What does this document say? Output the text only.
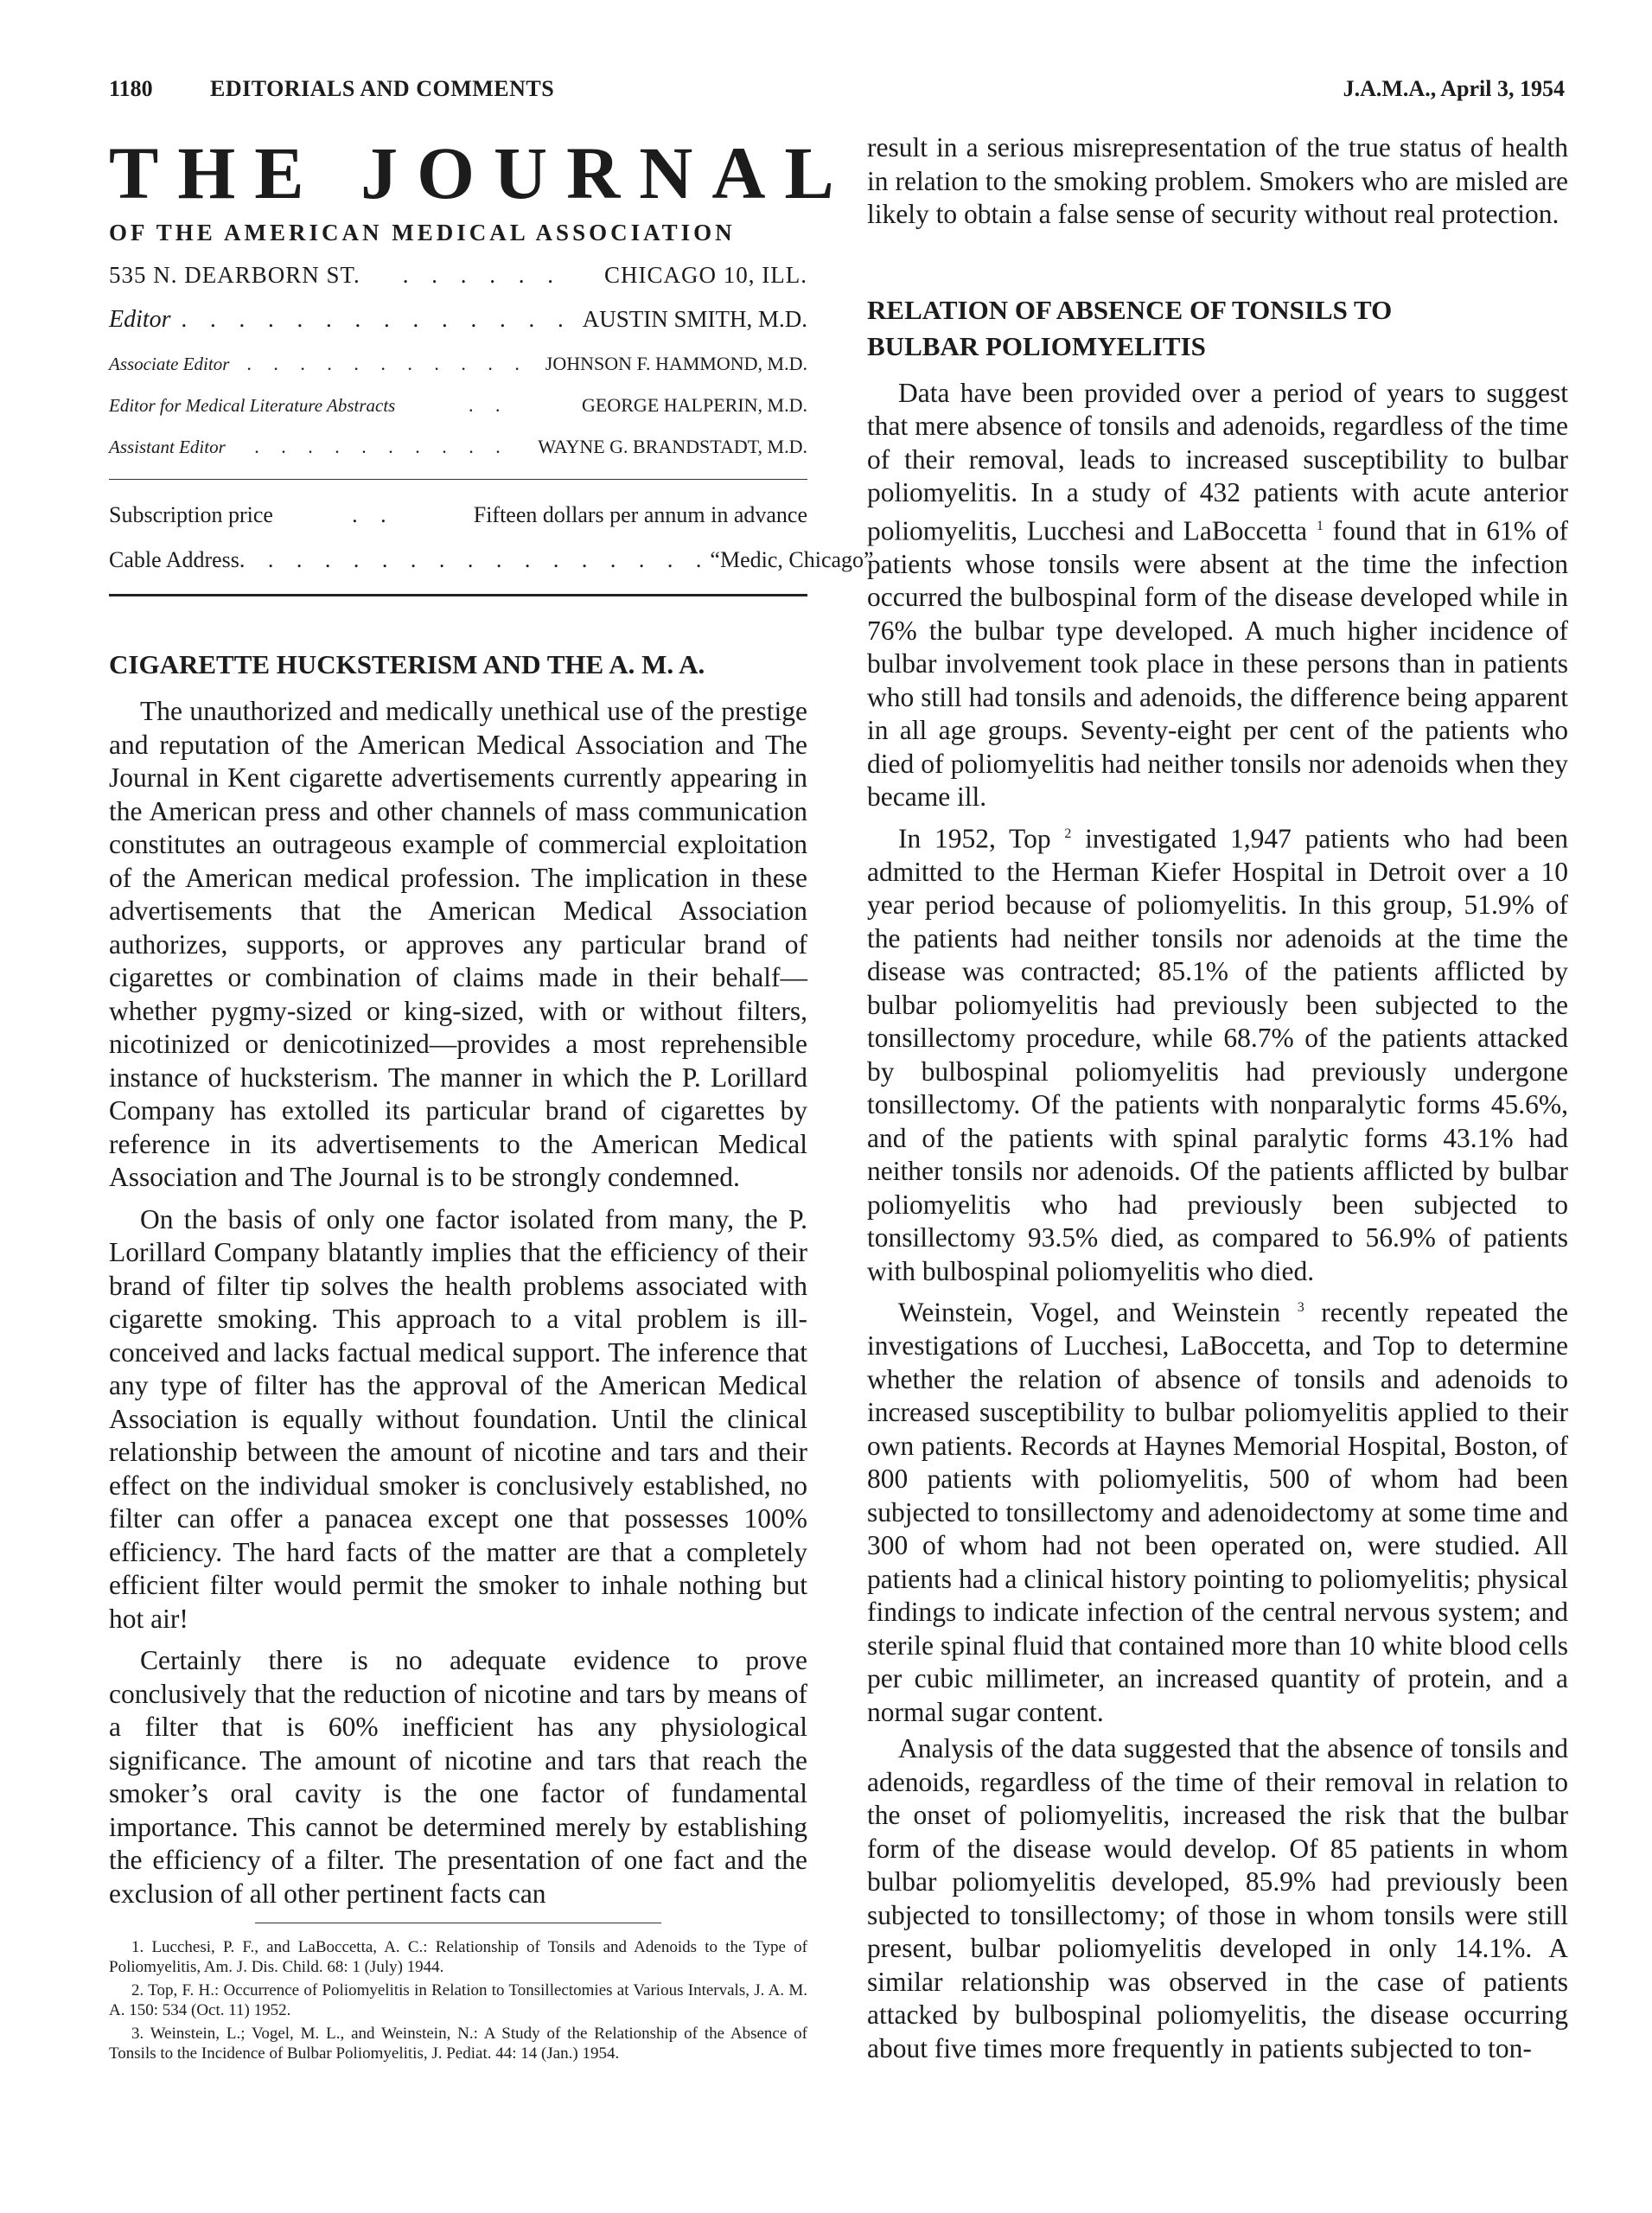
1180	EDITORIALS AND COMMENTS	J.A.M.A., April 3, 1954
THE JOURNAL
OF THE AMERICAN MEDICAL ASSOCIATION
535 N. DEARBORN ST.	. . . . . .	CHICAGO 10, ILL.
Editor . . . . . . . . . . . . . . AUSTIN SMITH, M.D.
Associate Editor . . . . . . . . . . . JOHNSON F. HAMMOND, M.D.
Editor for Medical Literature Abstracts	. .	GEORGE HALPERIN, M.D.
Assistant Editor	. . . . . . . . . .	WAYNE G. BRANDSTADT, M.D.
Subscription price	. .	Fifteen dollars per annum in advance
Cable Address . . . . . . . . . . . . . . . . . “Medic, Chicago”
CIGARETTE HUCKSTERISM AND THE A. M. A.

The unauthorized and medically unethical use of the prestige and reputation of the American Medical Association and The Journal in Kent cigarette advertisements currently appearing in the American press and other channels of mass communication constitutes an outrageous example of commercial exploitation of the American medical profession. The implication in these advertisements that the American Medical Association authorizes, supports, or approves any particular brand of cigarettes or combination of claims made in their behalf—whether pygmy-sized or king-sized, with or without filters, nicotinized or denicotinized—provides a most reprehensible instance of hucksterism. The manner in which the P. Lorillard Company has extolled its particular brand of cigarettes by reference in its advertisements to the American Medical Association and The Journal is to be strongly condemned.

On the basis of only one factor isolated from many, the P. Lorillard Company blatantly implies that the efficiency of their brand of filter tip solves the health problems associated with cigarette smoking. This approach to a vital problem is ill-conceived and lacks factual medical support. The inference that any type of filter has the approval of the American Medical Association is equally without foundation. Until the clinical relationship between the amount of nicotine and tars and their effect on the individual smoker is conclusively established, no filter can offer a panacea except one that possesses 100% efficiency. The hard facts of the matter are that a completely efficient filter would permit the smoker to inhale nothing but hot air!

Certainly there is no adequate evidence to prove conclusively that the reduction of nicotine and tars by means of a filter that is 60% inefficient has any physiological significance. The amount of nicotine and tars that reach the smoker’s oral cavity is the one factor of fundamental importance. This cannot be determined merely by establishing the efficiency of a filter. The presentation of one fact and the exclusion of all other pertinent facts can

1. Lucchesi, P. F., and LaBoccetta, A. C.: Relationship of Tonsils and Adenoids to the Type of Poliomyelitis, Am. J. Dis. Child. 68: 1 (July) 1944.

2. Top, F. H.: Occurrence of Poliomyelitis in Relation to Tonsillectomies at Various Intervals, J. A. M. A. 150: 534 (Oct. 11) 1952.

3. Weinstein, L.; Vogel, M. L., and Weinstein, N.: A Study of the Relationship of the Absence of Tonsils to the Incidence of Bulbar Poliomyelitis, J. Pediat. 44: 14 (Jan.) 1954.

result in a serious misrepresentation of the true status of health in relation to the smoking problem. Smokers who are misled are likely to obtain a false sense of security without real protection.

RELATION OF ABSENCE OF TONSILS TO
BULBAR POLIOMYELITIS

Data have been provided over a period of years to suggest that mere absence of tonsils and adenoids, regardless of the time of their removal, leads to increased susceptibility to bulbar poliomyelitis. In a study of 432 patients with acute anterior poliomyelitis, Lucchesi and LaBoccetta $^1$ found that in 61% of patients whose tonsils were absent at the time the infection occurred the bulbospinal form of the disease developed while in 76% the bulbar type developed. A much higher incidence of bulbar involvement took place in these persons than in patients who still had tonsils and adenoids, the difference being apparent in all age groups. Seventy-eight per cent of the patients who died of poliomyelitis had neither tonsils nor adenoids when they became ill.

In 1952, Top $^2$ investigated 1,947 patients who had been admitted to the Herman Kiefer Hospital in Detroit over a 10 year period because of poliomyelitis. In this group, 51.9% of the patients had neither tonsils nor adenoids at the time the disease was contracted; 85.1% of the patients afflicted by bulbar poliomyelitis had previously been subjected to the tonsillectomy procedure, while 68.7% of the patients attacked by bulbospinal poliomyelitis had previously undergone tonsillectomy. Of the patients with nonparalytic forms 45.6%, and of the patients with spinal paralytic forms 43.1% had neither tonsils nor adenoids. Of the patients afflicted by bulbar poliomyelitis who had previously been subjected to tonsillectomy 93.5% died, as compared to 56.9% of patients with bulbospinal poliomyelitis who died.

Weinstein, Vogel, and Weinstein $^3$ recently repeated the investigations of Lucchesi, LaBoccetta, and Top to determine whether the relation of absence of tonsils and adenoids to increased susceptibility to bulbar poliomyelitis applied to their own patients. Records at Haynes Memorial Hospital, Boston, of 800 patients with poliomyelitis, 500 of whom had been subjected to tonsillectomy and adenoidectomy at some time and 300 of whom had not been operated on, were studied. All patients had a clinical history pointing to poliomyelitis; physical findings to indicate infection of the central nervous system; and sterile spinal fluid that contained more than 10 white blood cells per cubic millimeter, an increased quantity of protein, and a normal sugar content.

Analysis of the data suggested that the absence of tonsils and adenoids, regardless of the time of their removal in relation to the onset of poliomyelitis, increased the risk that the bulbar form of the disease would develop. Of 85 patients in whom bulbar poliomyelitis developed, 85.9% had previously been subjected to tonsillectomy; of those in whom tonsils were still present, bulbar poliomyelitis developed in only 14.1%. A similar relationship was observed in the case of patients attacked by bulbospinal poliomyelitis, the disease occurring about five times more frequently in patients subjected to ton-
